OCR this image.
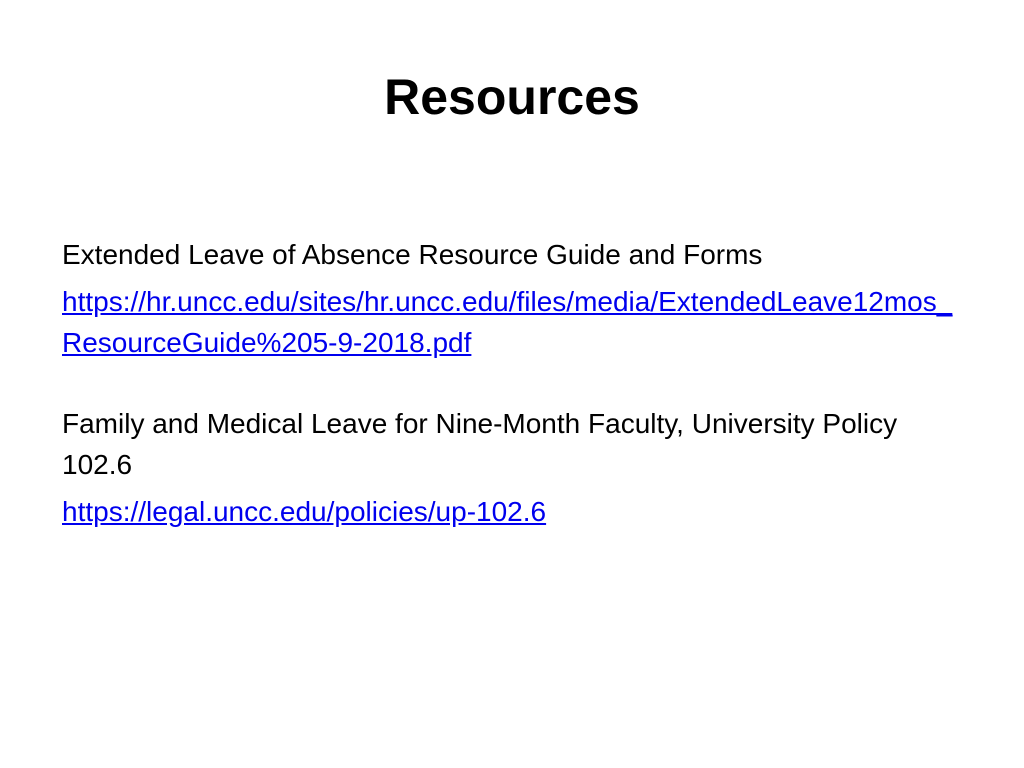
Resources
Extended Leave of Absence Resource Guide and Forms
https://hr.uncc.edu/sites/hr.uncc.edu/files/media/ExtendedLeave12mos_ResourceGuide%205-9-2018.pdf
Family and Medical Leave for Nine-Month Faculty, University Policy 102.6
https://legal.uncc.edu/policies/up-102.6
